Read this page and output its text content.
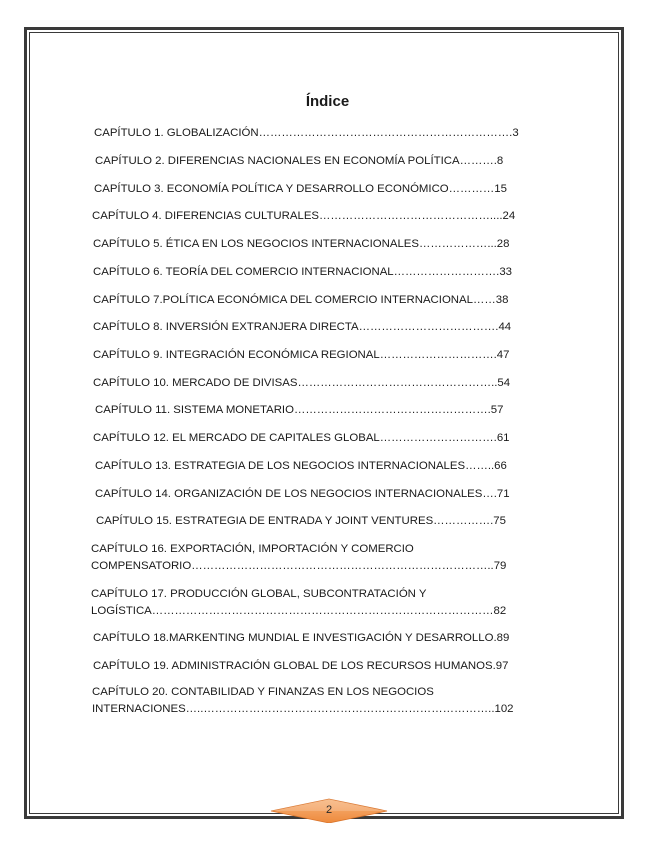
Índice
CAPÍTULO 1. GLOBALIZACIÓN………………………………………………………….3
CAPÍTULO 2. DIFERENCIAS NACIONALES EN ECONOMÍA POLÍTICA……….8
CAPÍTULO 3. ECONOMÍA POLÍTICA Y DESARROLLO ECONÓMICO…………15
CAPÍTULO 4. DIFERENCIAS CULTURALES………………………………………....24
CAPÍTULO 5. ÉTICA EN LOS NEGOCIOS INTERNACIONALES………………...28
CAPÍTULO 6. TEORÍA DEL COMERCIO INTERNACIONAL……………………….33
CAPÍTULO 7.POLÍTICA ECONÓMICA DEL COMERCIO INTERNACIONAL……38
CAPÍTULO 8. INVERSIÓN EXTRANJERA DIRECTA……………………………….44
CAPÍTULO 9. INTEGRACIÓN ECONÓMICA REGIONAL………………………….47
CAPÍTULO 10. MERCADO DE DIVISAS……………………………………………..54
CAPÍTULO 11. SISTEMA MONETARIO…………………………………………….57
CAPÍTULO 12. EL MERCADO DE CAPITALES GLOBAL………………………….61
CAPÍTULO 13. ESTRATEGIA DE LOS NEGOCIOS INTERNACIONALES……..66
CAPÍTULO 14. ORGANIZACIÓN DE LOS NEGOCIOS INTERNACIONALES….71
CAPÍTULO 15. ESTRATEGIA DE ENTRADA Y JOINT VENTURES…………….75
CAPÍTULO 16. EXPORTACIÓN, IMPORTACIÓN Y COMERCIO
COMPENSATORIO……………………………………………………………………..79
CAPÍTULO 17. PRODUCCIÓN GLOBAL, SUBCONTRATACIÓN Y
LOGÍSTICA………………………………………………………………………………82
CAPÍTULO 18.MARKENTING MUNDIAL E INVESTIGACIÓN Y DESARROLLO.89
CAPÍTULO 19. ADMINISTRACIÓN GLOBAL DE LOS RECURSOS HUMANOS.97
CAPÍTULO 20. CONTABILIDAD Y FINANZAS EN LOS NEGOCIOS
INTERNACIONES…..…………………………………………………………………..102
2
